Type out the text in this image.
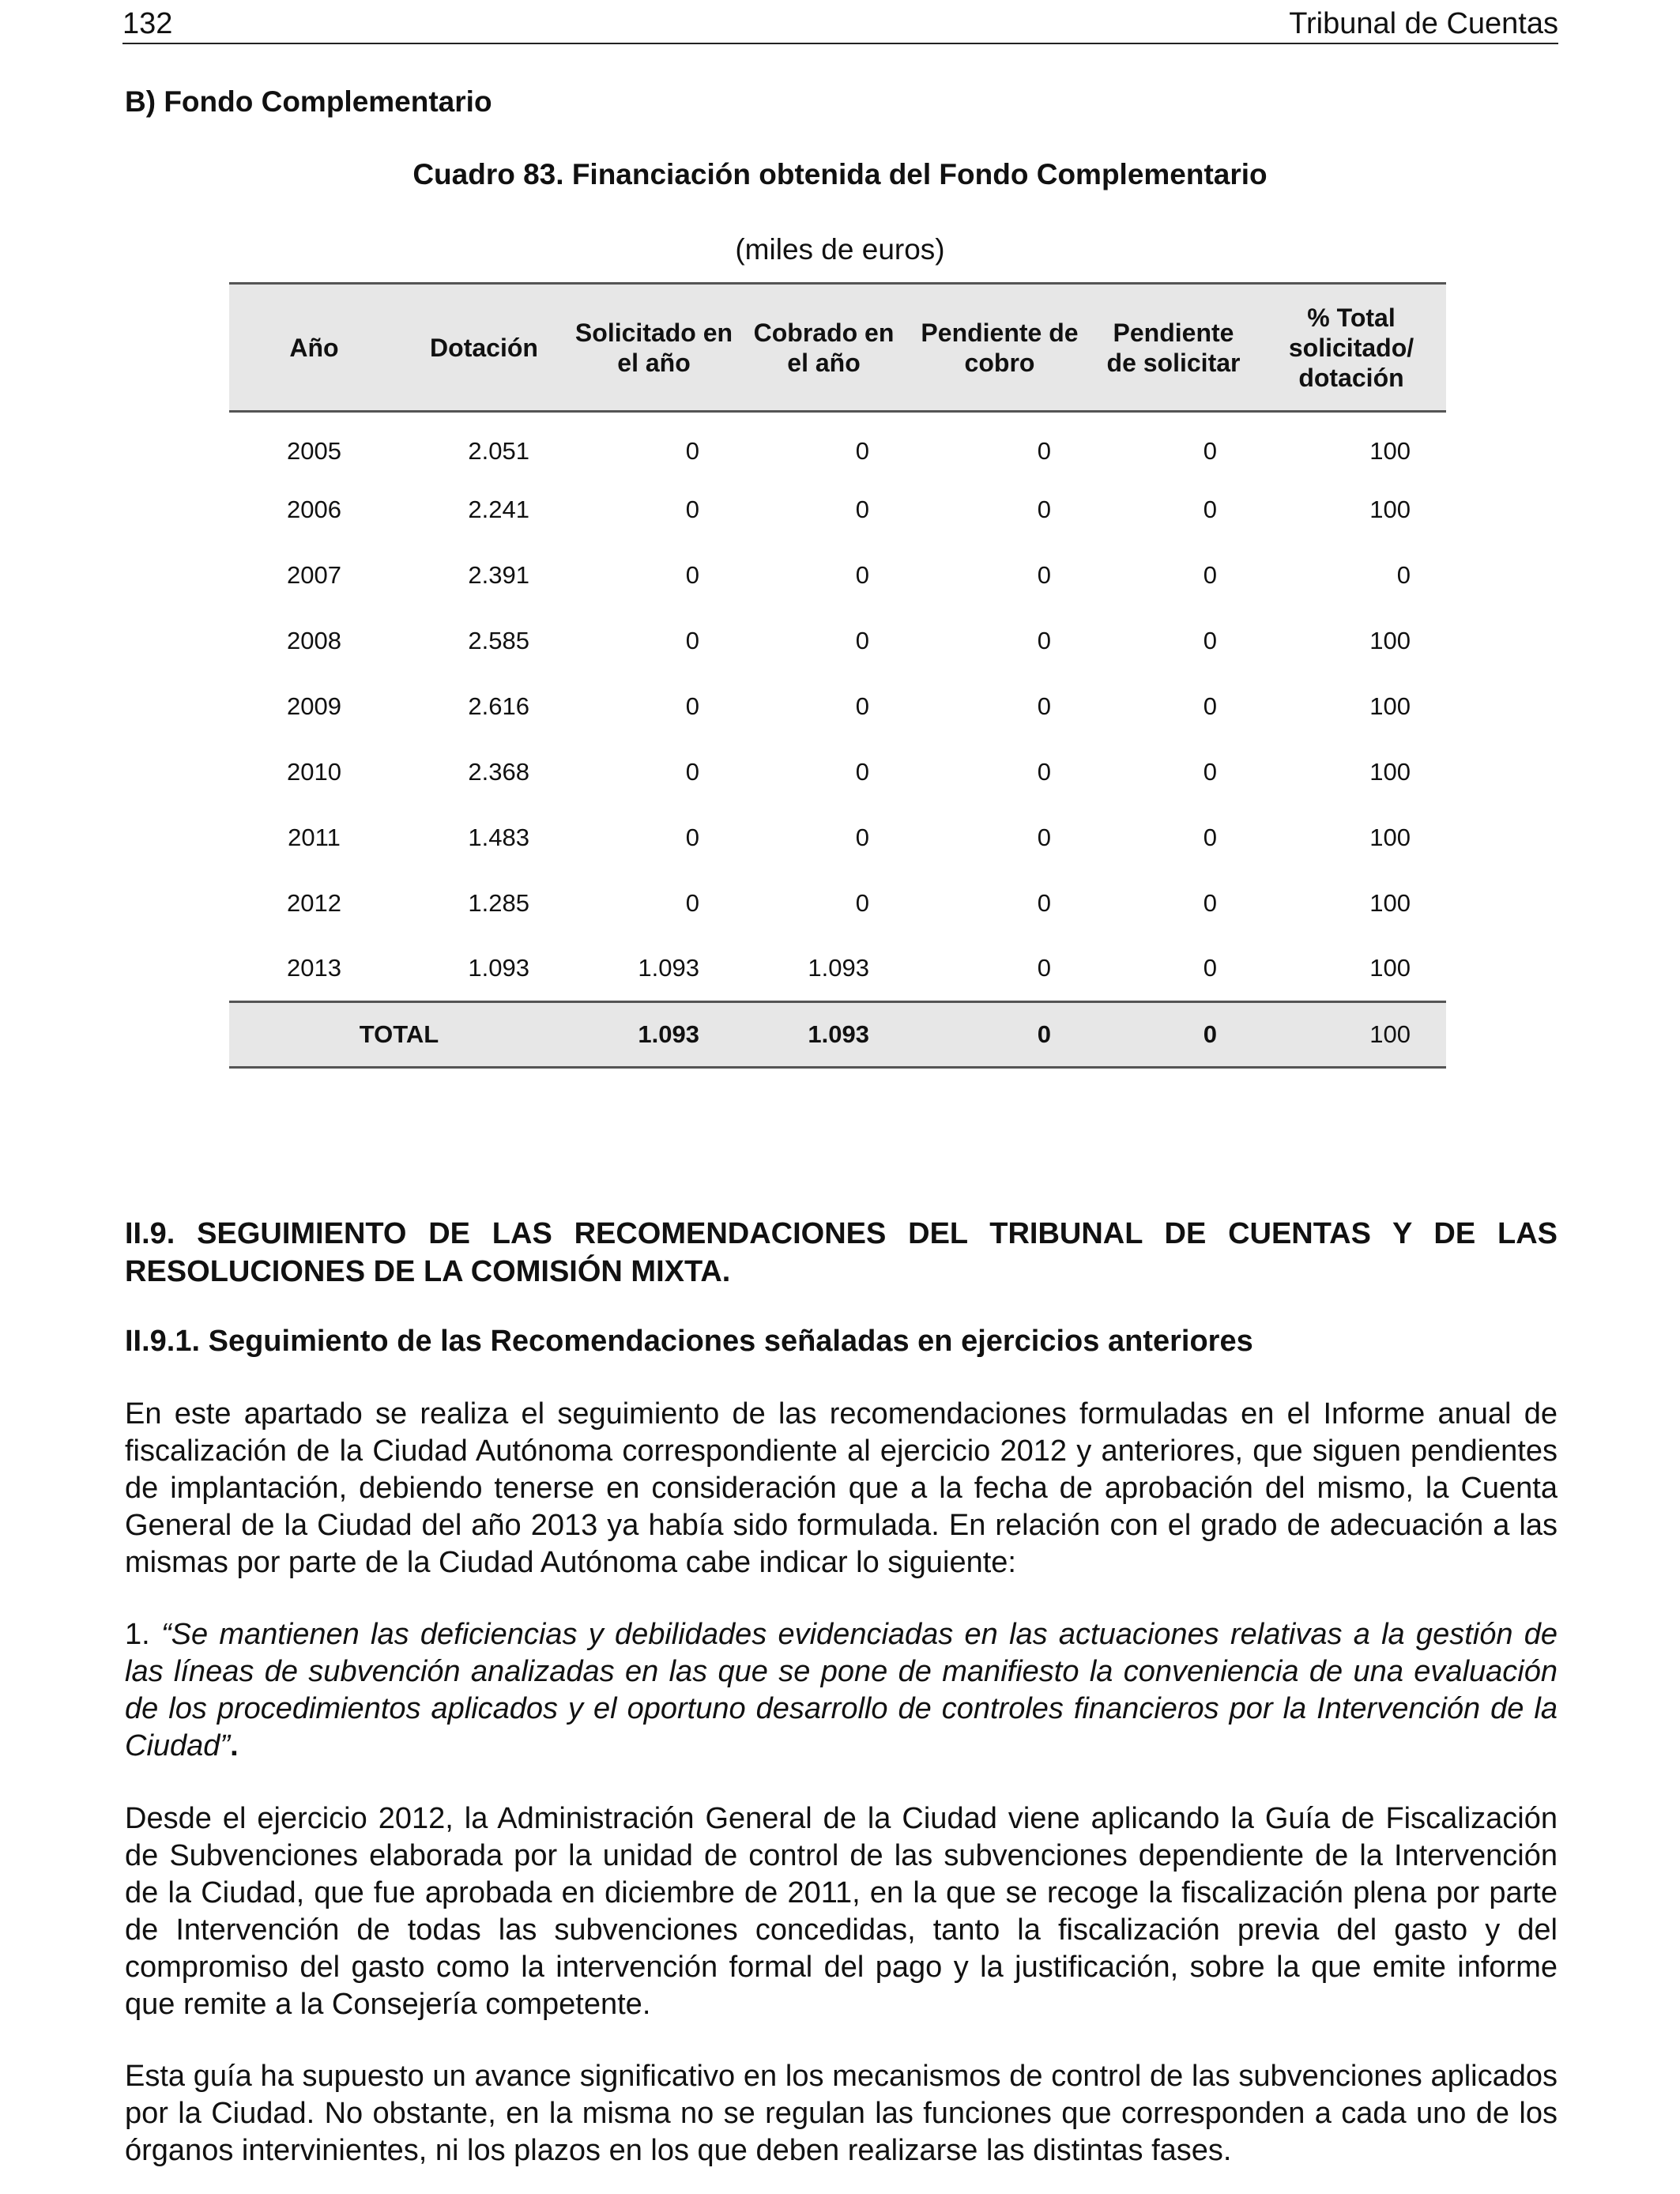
132	Tribunal de Cuentas
B) Fondo Complementario
Cuadro 83. Financiación obtenida del Fondo Complementario
(miles de euros)
Año	Dotación	Solicitado en el año	Cobrado en el año	Pendiente de cobro	Pendiente de solicitar	% Total solicitado/ dotación
2005	2.051	0	0	0	0	100
2006	2.241	0	0	0	0	100
2007	2.391	0	0	0	0	0
2008	2.585	0	0	0	0	100
2009	2.616	0	0	0	0	100
2010	2.368	0	0	0	0	100
2011	1.483	0	0	0	0	100
2012	1.285	0	0	0	0	100
2013	1.093	1.093	1.093	0	0	100
TOTAL		1.093	1.093	0	0	100
II.9. SEGUIMIENTO DE LAS RECOMENDACIONES DEL TRIBUNAL DE CUENTAS Y DE LAS RESOLUCIONES DE LA COMISIÓN MIXTA.
II.9.1. Seguimiento de las Recomendaciones señaladas en ejercicios anteriores

En este apartado se realiza el seguimiento de las recomendaciones formuladas en el Informe anual de fiscalización de la Ciudad Autónoma correspondiente al ejercicio 2012 y anteriores, que siguen pendientes de implantación, debiendo tenerse en consideración que a la fecha de aprobación del mismo, la Cuenta General de la Ciudad del año 2013 ya había sido formulada. En relación con el grado de adecuación a las mismas por parte de la Ciudad Autónoma cabe indicar lo siguiente:

1. “Se mantienen las deficiencias y debilidades evidenciadas en las actuaciones relativas a la gestión de las líneas de subvención analizadas en las que se pone de manifiesto la conveniencia de una evaluación de los procedimientos aplicados y el oportuno desarrollo de controles financieros por la Intervención de la Ciudad”.

Desde el ejercicio 2012, la Administración General de la Ciudad viene aplicando la Guía de Fiscalización de Subvenciones elaborada por la unidad de control de las subvenciones dependiente de la Intervención de la Ciudad, que fue aprobada en diciembre de 2011, en la que se recoge la fiscalización plena por parte de Intervención de todas las subvenciones concedidas, tanto la fiscalización previa del gasto y del compromiso del gasto como la intervención formal del pago y la justificación, sobre la que emite informe que remite a la Consejería competente.

Esta guía ha supuesto un avance significativo en los mecanismos de control de las subvenciones aplicados por la Ciudad. No obstante, en la misma no se regulan las funciones que corresponden a cada uno de los órganos intervinientes, ni los plazos en los que deben realizarse las distintas fases.
